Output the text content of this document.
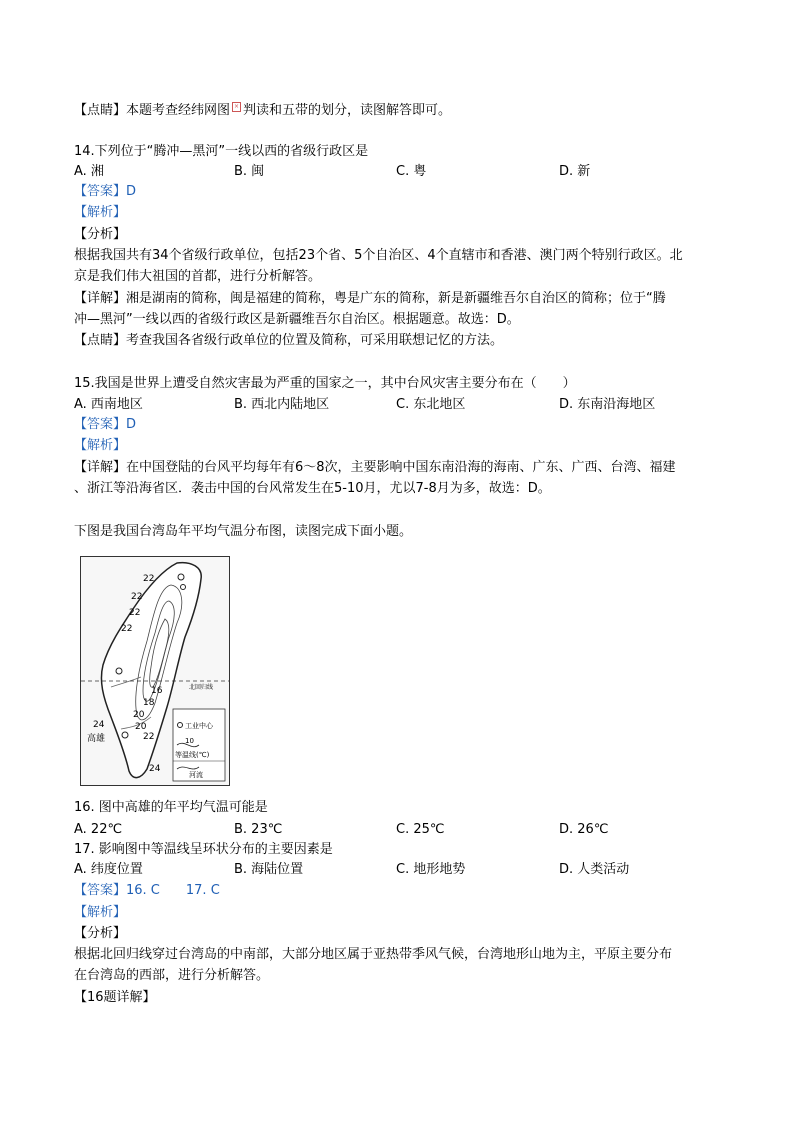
【点睛】本题考查经纬网图 × 判读和五带的划分，读图解答即可。
14.下列位于“腾冲—黑河”一线以西的省级行政区是
A. 湘	B. 闽	C. 粤	D. 新
【答案】D
【解析】
【分析】
根据我国共有34个省级行政单位，包括23个省、5个自治区、4个直辖市和香港、澳门两个特别行政区。北
京是我们伟大祖国的首都，进行分析解答。
【详解】湘是湖南的简称，闽是福建的简称，粤是广东的简称，新是新疆维吾尔自治区的简称；位于“腾
冲—黑河”一线以西的省级行政区是新疆维吾尔自治区。根据题意。故选：D。
【点睛】考查我国各省级行政单位的位置及简称，可采用联想记忆的方法。
15.我国是世界上遭受自然灾害最为严重的国家之一，其中台风灾害主要分布在（　　）
A. 西南地区	B. 西北内陆地区	C. 东北地区	D. 东南沿海地区
【答案】D
【解析】
【详解】在中国登陆的台风平均每年有6～8次，主要影响中国东南沿海的海南、广东、广西、台湾、福建
、浙江等沿海省区．袭击中国的台风常发生在5-10月，尤以7-8月为多，故选：D。
下图是我国台湾岛年平均气温分布图，读图完成下面小题。
22
22
22
22
20
16
18
20
22
24
24
高雄
北回归线
工业中心
10
等温线(℃)
河流
16. 图中高雄的年平均气温可能是
A. 22℃	B. 23℃	C. 25℃	D. 26℃
17. 影响图中等温线呈环状分布的主要因素是
A. 纬度位置	B. 海陆位置	C. 地形地势	D. 人类活动
【答案】16. C　　17. C
【解析】
【分析】
根据北回归线穿过台湾岛的中南部，大部分地区属于亚热带季风气候，台湾地形山地为主，平原主要分布
在台湾岛的西部，进行分析解答。
【16题详解】
